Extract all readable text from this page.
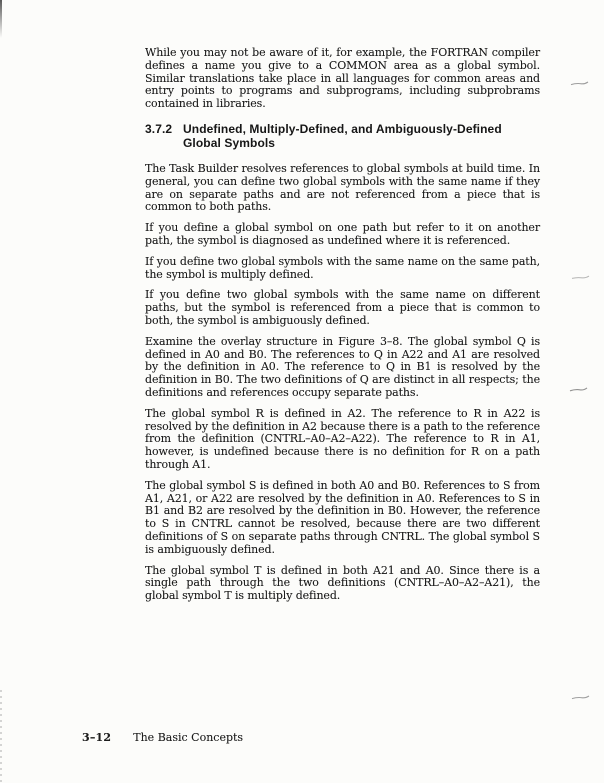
While you may not be aware of it, for example, the FORTRAN compiler defines a name you give to a COMMON area as a global symbol. Similar translations take place in all languages for common areas and entry points to programs and subprograms, including subprobrams contained in libraries.

3.7.2 Undefined, Multiply-Defined, and Ambiguously-Defined Global Symbols

The Task Builder resolves references to global symbols at build time. In general, you can define two global symbols with the same name if they are on separate paths and are not referenced from a piece that is common to both paths.

If you define a global symbol on one path but refer to it on another path, the symbol is diagnosed as undefined where it is referenced.

If you define two global symbols with the same name on the same path, the symbol is multiply defined.

If you define two global symbols with the same name on different paths, but the symbol is referenced from a piece that is common to both, the symbol is ambiguously defined.

Examine the overlay structure in Figure 3–8. The global symbol Q is defined in A0 and B0. The references to Q in A22 and A1 are resolved by the definition in A0. The reference to Q in B1 is resolved by the definition in B0. The two definitions of Q are distinct in all respects; the definitions and references occupy separate paths.

The global symbol R is defined in A2. The reference to R in A22 is resolved by the definition in A2 because there is a path to the reference from the definition (CNTRL–A0–A2–A22). The reference to R in A1, however, is undefined because there is no definition for R on a path through A1.

The global symbol S is defined in both A0 and B0. References to S from A1, A21, or A22 are resolved by the definition in A0. References to S in B1 and B2 are resolved by the definition in B0. However, the reference to S in CNTRL cannot be resolved, because there are two different definitions of S on separate paths through CNTRL. The global symbol S is ambiguously defined.

The global symbol T is defined in both A21 and A0. Since there is a single path through the two definitions (CNTRL–A0–A2–A21), the global symbol T is multiply defined.

3–12 The Basic Concepts
